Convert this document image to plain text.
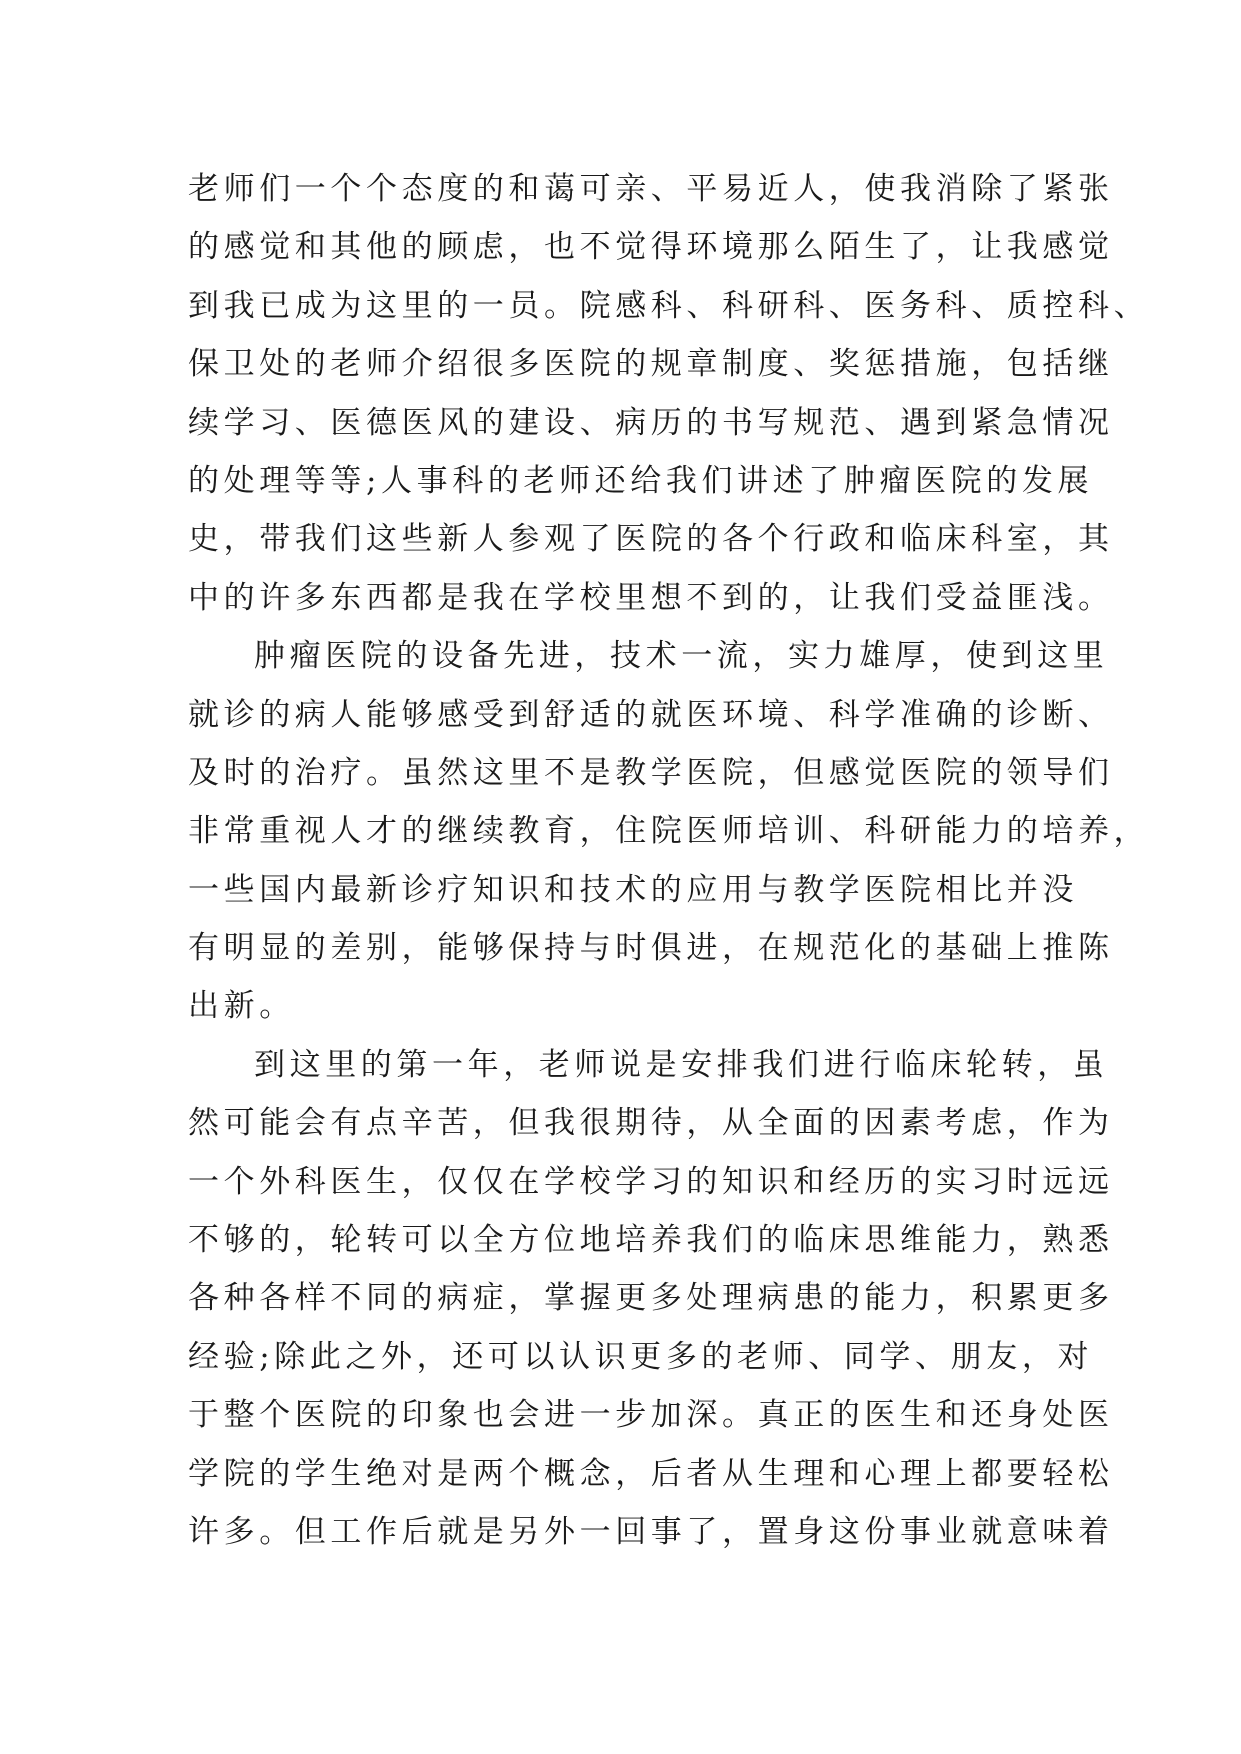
老师们一个个态度的和蔼可亲、平易近人，使我消除了紧张
的感觉和其他的顾虑，也不觉得环境那么陌生了，让我感觉
到我已成为这里的一员。院感科、科研科、医务科、质控科、
保卫处的老师介绍很多医院的规章制度、奖惩措施，包括继
续学习、医德医风的建设、病历的书写规范、遇到紧急情况
的处理等等;人事科的老师还给我们讲述了肿瘤医院的发展
史，带我们这些新人参观了医院的各个行政和临床科室，其
中的许多东西都是我在学校里想不到的，让我们受益匪浅。
肿瘤医院的设备先进，技术一流，实力雄厚，使到这里
就诊的病人能够感受到舒适的就医环境、科学准确的诊断、
及时的治疗。虽然这里不是教学医院，但感觉医院的领导们
非常重视人才的继续教育，住院医师培训、科研能力的培养，
一些国内最新诊疗知识和技术的应用与教学医院相比并没
有明显的差别，能够保持与时俱进，在规范化的基础上推陈
出新。
到这里的第一年，老师说是安排我们进行临床轮转，虽
然可能会有点辛苦，但我很期待，从全面的因素考虑，作为
一个外科医生，仅仅在学校学习的知识和经历的实习时远远
不够的，轮转可以全方位地培养我们的临床思维能力，熟悉
各种各样不同的病症，掌握更多处理病患的能力，积累更多
经验;除此之外，还可以认识更多的老师、同学、朋友，对
于整个医院的印象也会进一步加深。真正的医生和还身处医
学院的学生绝对是两个概念，后者从生理和心理上都要轻松
许多。但工作后就是另外一回事了，置身这份事业就意味着
